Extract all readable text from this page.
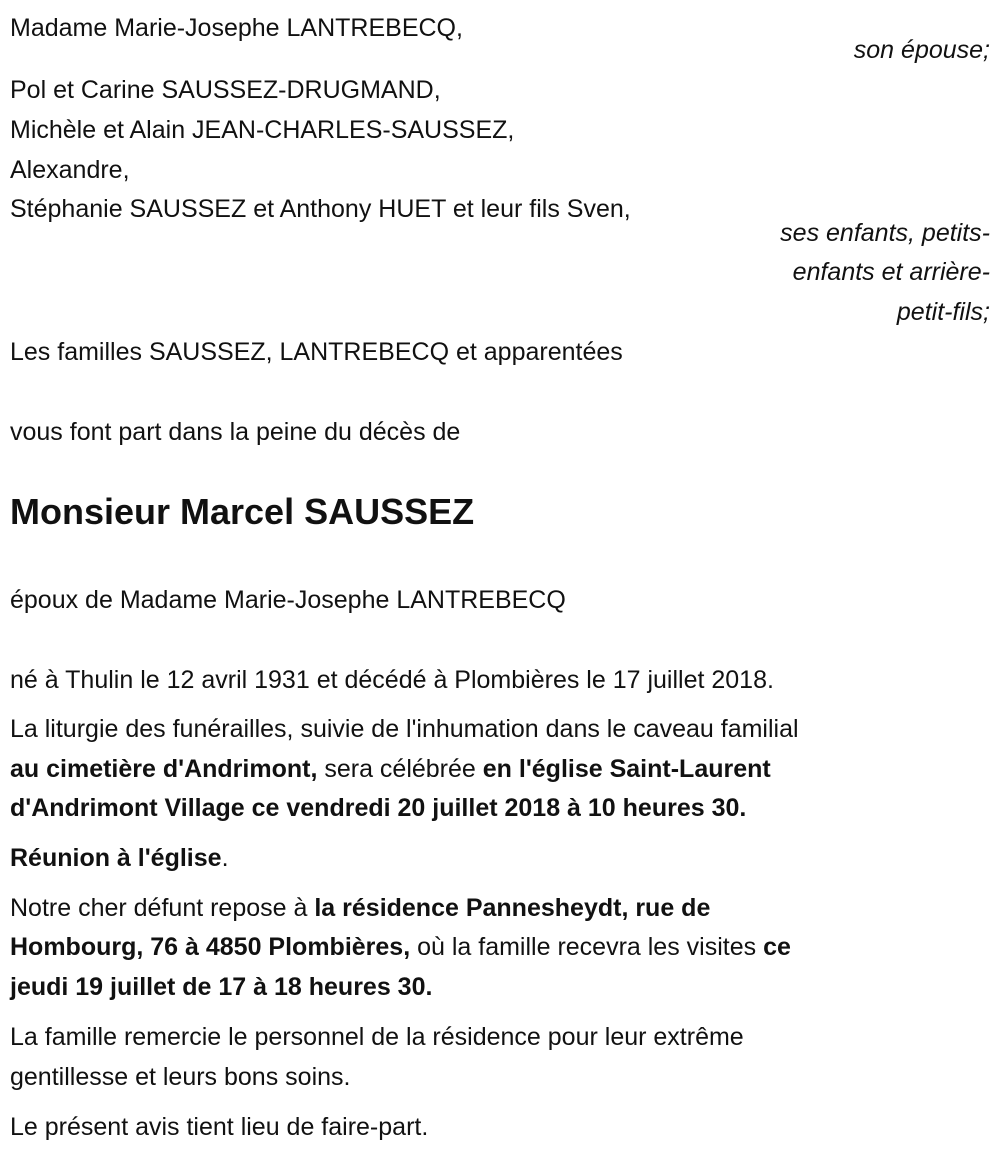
Madame Marie-Josephe LANTREBECQ,
son épouse;
Pol et Carine SAUSSEZ-DRUGMAND,
Michèle et Alain JEAN-CHARLES-SAUSSEZ,
Alexandre,
Stéphanie SAUSSEZ et Anthony HUET et leur fils Sven,
ses enfants, petits-
enfants et arrière-
petit-fils;
Les familles SAUSSEZ, LANTREBECQ et apparentées
vous font part dans la peine du décès de
Monsieur Marcel SAUSSEZ
époux de Madame Marie-Josephe LANTREBECQ
né à Thulin le 12 avril 1931 et décédé à Plombières le 17 juillet 2018.
La liturgie des funérailles, suivie de l'inhumation dans le caveau familial
au cimetière d'Andrimont, sera célébrée en l'église Saint-Laurent
d'Andrimont Village ce vendredi 20 juillet 2018 à 10 heures 30.
Réunion à l'église.
Notre cher défunt repose à la résidence Pannesheydt, rue de
Hombourg, 76 à 4850 Plombières, où la famille recevra les visites ce
jeudi 19 juillet de 17 à 18 heures 30.
La famille remercie le personnel de la résidence pour leur extrême
gentillesse et leurs bons soins.
Le présent avis tient lieu de faire-part.
